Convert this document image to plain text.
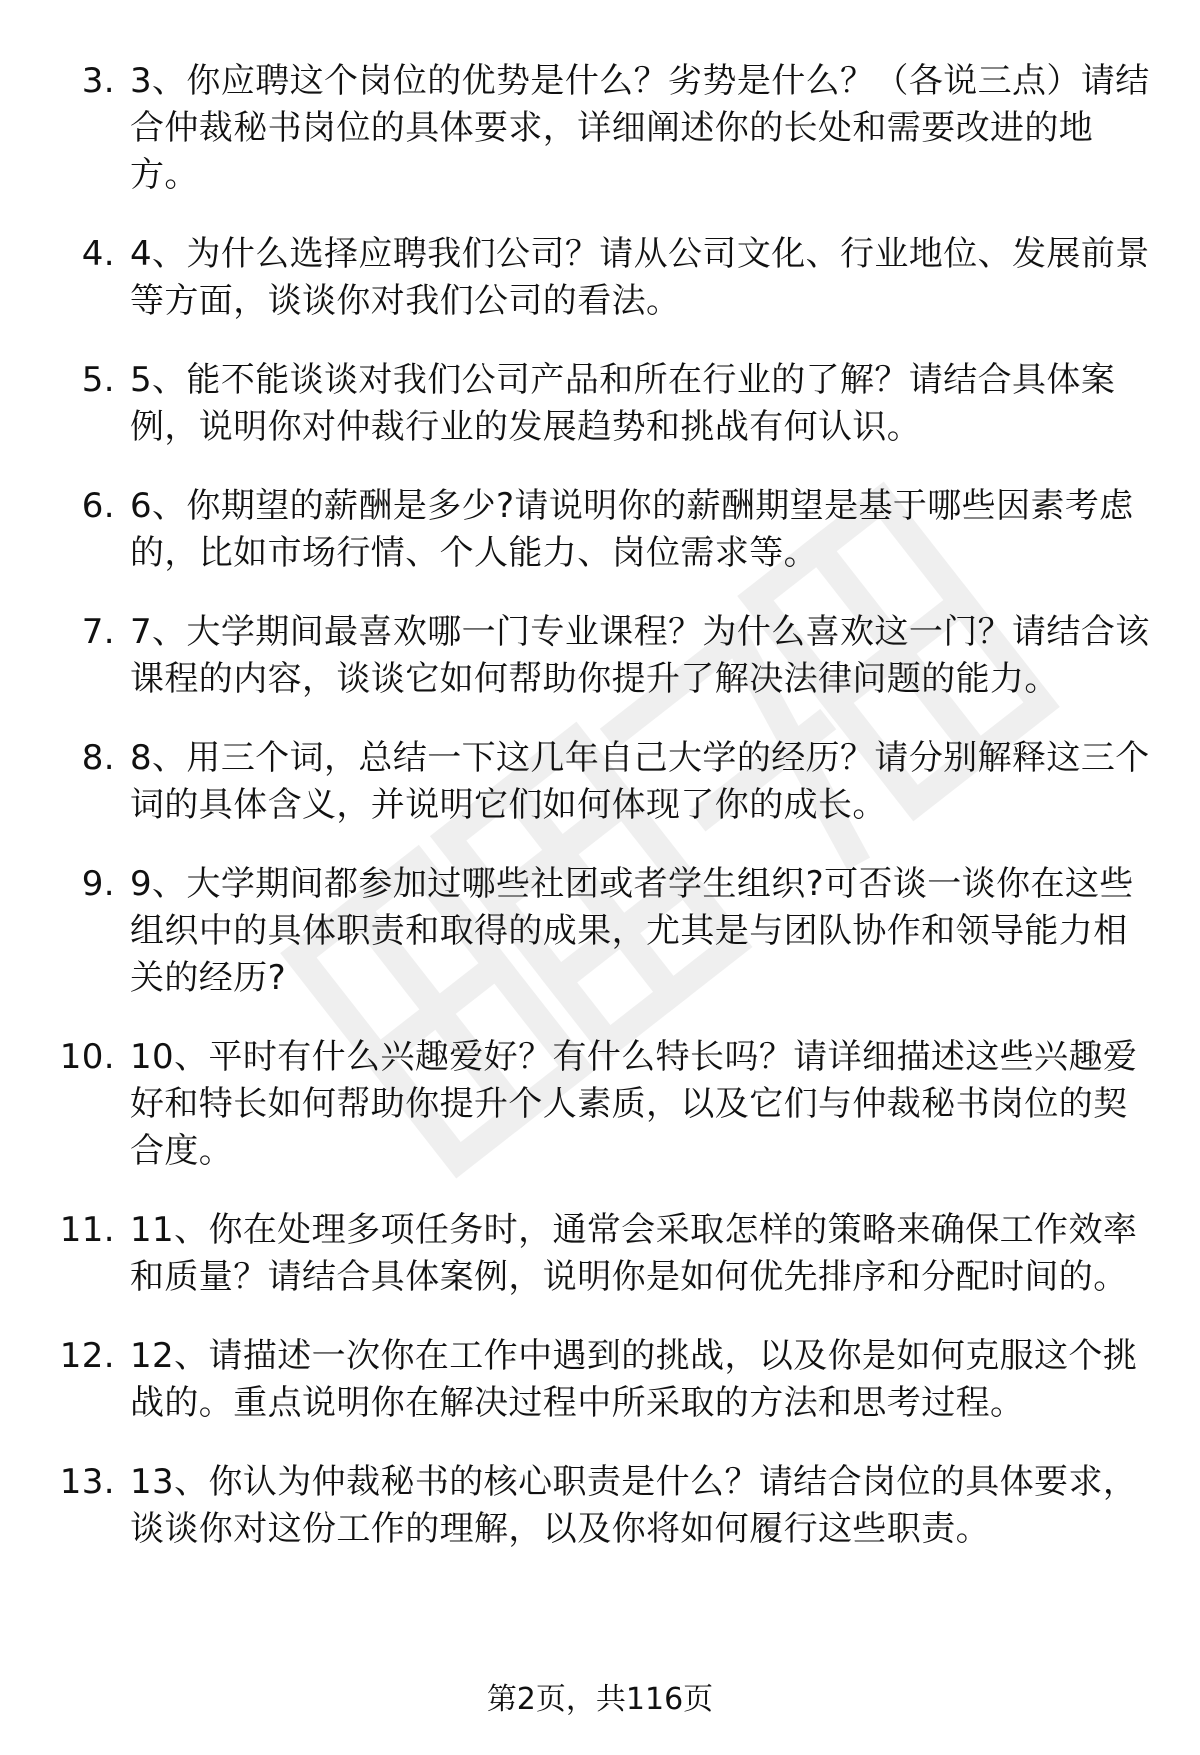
3. 3、你应聘这个岗位的优势是什么？劣势是什么？（各说三点）请结合仲裁秘书岗位的具体要求，详细阐述你的长处和需要改进的地方。
4. 4、为什么选择应聘我们公司？请从公司文化、行业地位、发展前景等方面，谈谈你对我们公司的看法。
5. 5、能不能谈谈对我们公司产品和所在行业的了解？请结合具体案例，说明你对仲裁行业的发展趋势和挑战有何认识。
6. 6、你期望的薪酬是多少?请说明你的薪酬期望是基于哪些因素考虑的，比如市场行情、个人能力、岗位需求等。
7. 7、大学期间最喜欢哪一门专业课程？为什么喜欢这一门？请结合该课程的内容，谈谈它如何帮助你提升了解决法律问题的能力。
8. 8、用三个词，总结一下这几年自己大学的经历？请分别解释这三个词的具体含义，并说明它们如何体现了你的成长。
9. 9、大学期间都参加过哪些社团或者学生组织?可否谈一谈你在这些组织中的具体职责和取得的成果，尤其是与团队协作和领导能力相关的经历?
10. 10、平时有什么兴趣爱好？有什么特长吗？请详细描述这些兴趣爱好和特长如何帮助你提升个人素质，以及它们与仲裁秘书岗位的契合度。
11. 11、你在处理多项任务时，通常会采取怎样的策略来确保工作效率和质量？请结合具体案例，说明你是如何优先排序和分配时间的。
12. 12、请描述一次你在工作中遇到的挑战，以及你是如何克服这个挑战的。重点说明你在解决过程中所采取的方法和思考过程。
13. 13、你认为仲裁秘书的核心职责是什么？请结合岗位的具体要求，谈谈你对这份工作的理解，以及你将如何履行这些职责。
第2页，共116页
